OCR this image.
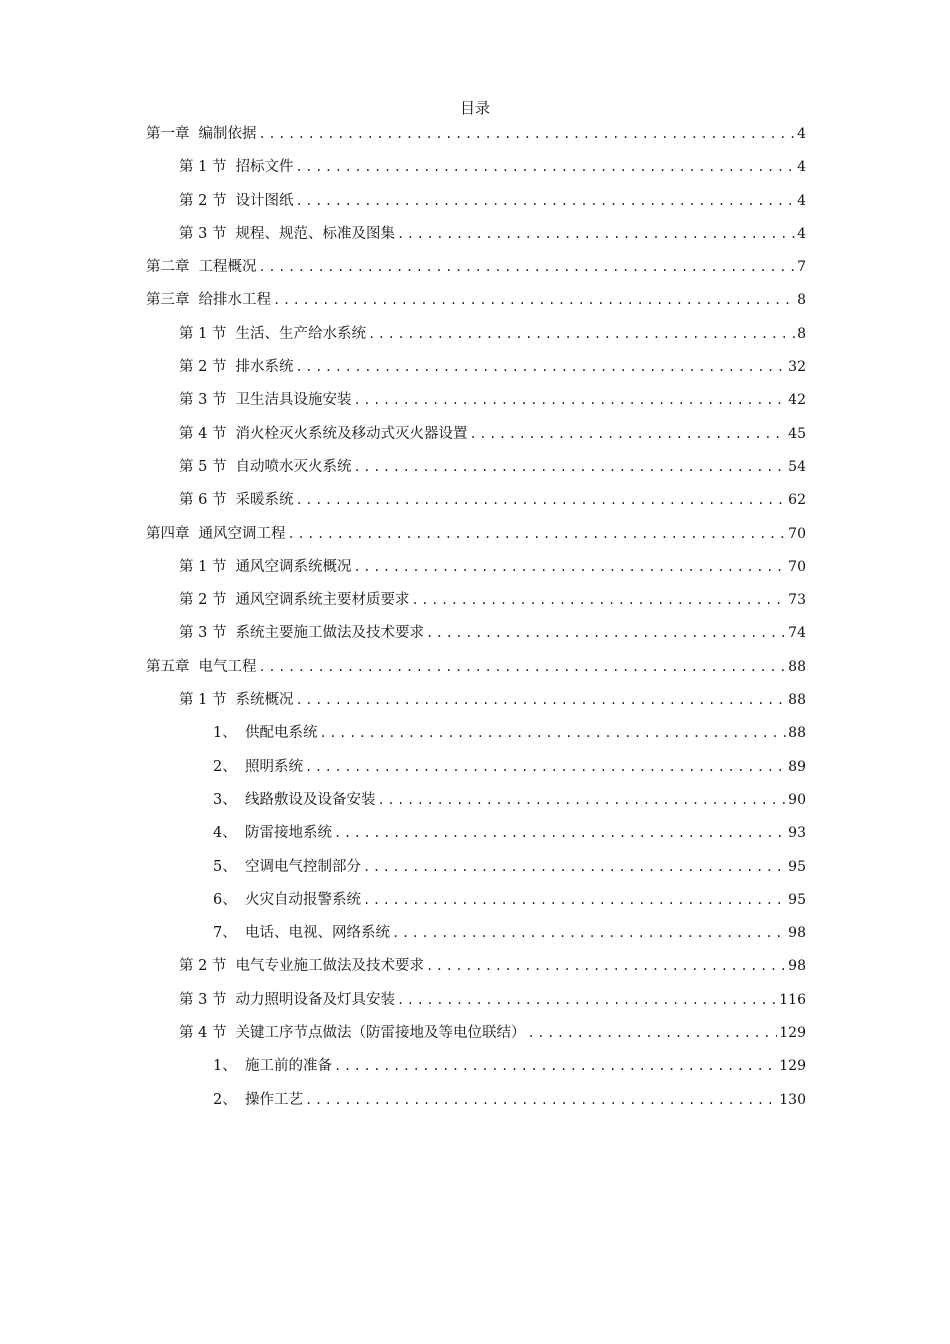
目录
第一章 编制依据 .....	4
第 1 节 招标文件 .....	4
第 2 节 设计图纸 .....	4
第 3 节 规程、规范、标准及图集 .....	4
第二章 工程概况 .....	7
第三章 给排水工程 .....	8
第 1 节 生活、生产给水系统 .....	8
第 2 节 排水系统 .....	32
第 3 节 卫生洁具设施安装 .....	42
第 4 节 消火栓灭火系统及移动式灭火器设置 .....	45
第 5 节 自动喷水灭火系统 .....	54
第 6 节 采暖系统 .....	62
第四章 通风空调工程 .....	70
第 1 节 通风空调系统概况 .....	70
第 2 节 通风空调系统主要材质要求 .....	73
第 3 节 系统主要施工做法及技术要求 .....	74
第五章 电气工程 .....	88
第 1 节 系统概况 .....	88
1、 供配电系统 .....	88
2、 照明系统 .....	89
3、 线路敷设及设备安装 .....	90
4、 防雷接地系统 .....	93
5、 空调电气控制部分 .....	95
6、 火灾自动报警系统 .....	95
7、 电话、电视、网络系统 .....	98
第 2 节 电气专业施工做法及技术要求 .....	98
第 3 节 动力照明设备及灯具安装 .....	116
第 4 节 关键工序节点做法（防雷接地及等电位联结） .....	129
1、 施工前的准备 .....	129
2、 操作工艺 .....	130
